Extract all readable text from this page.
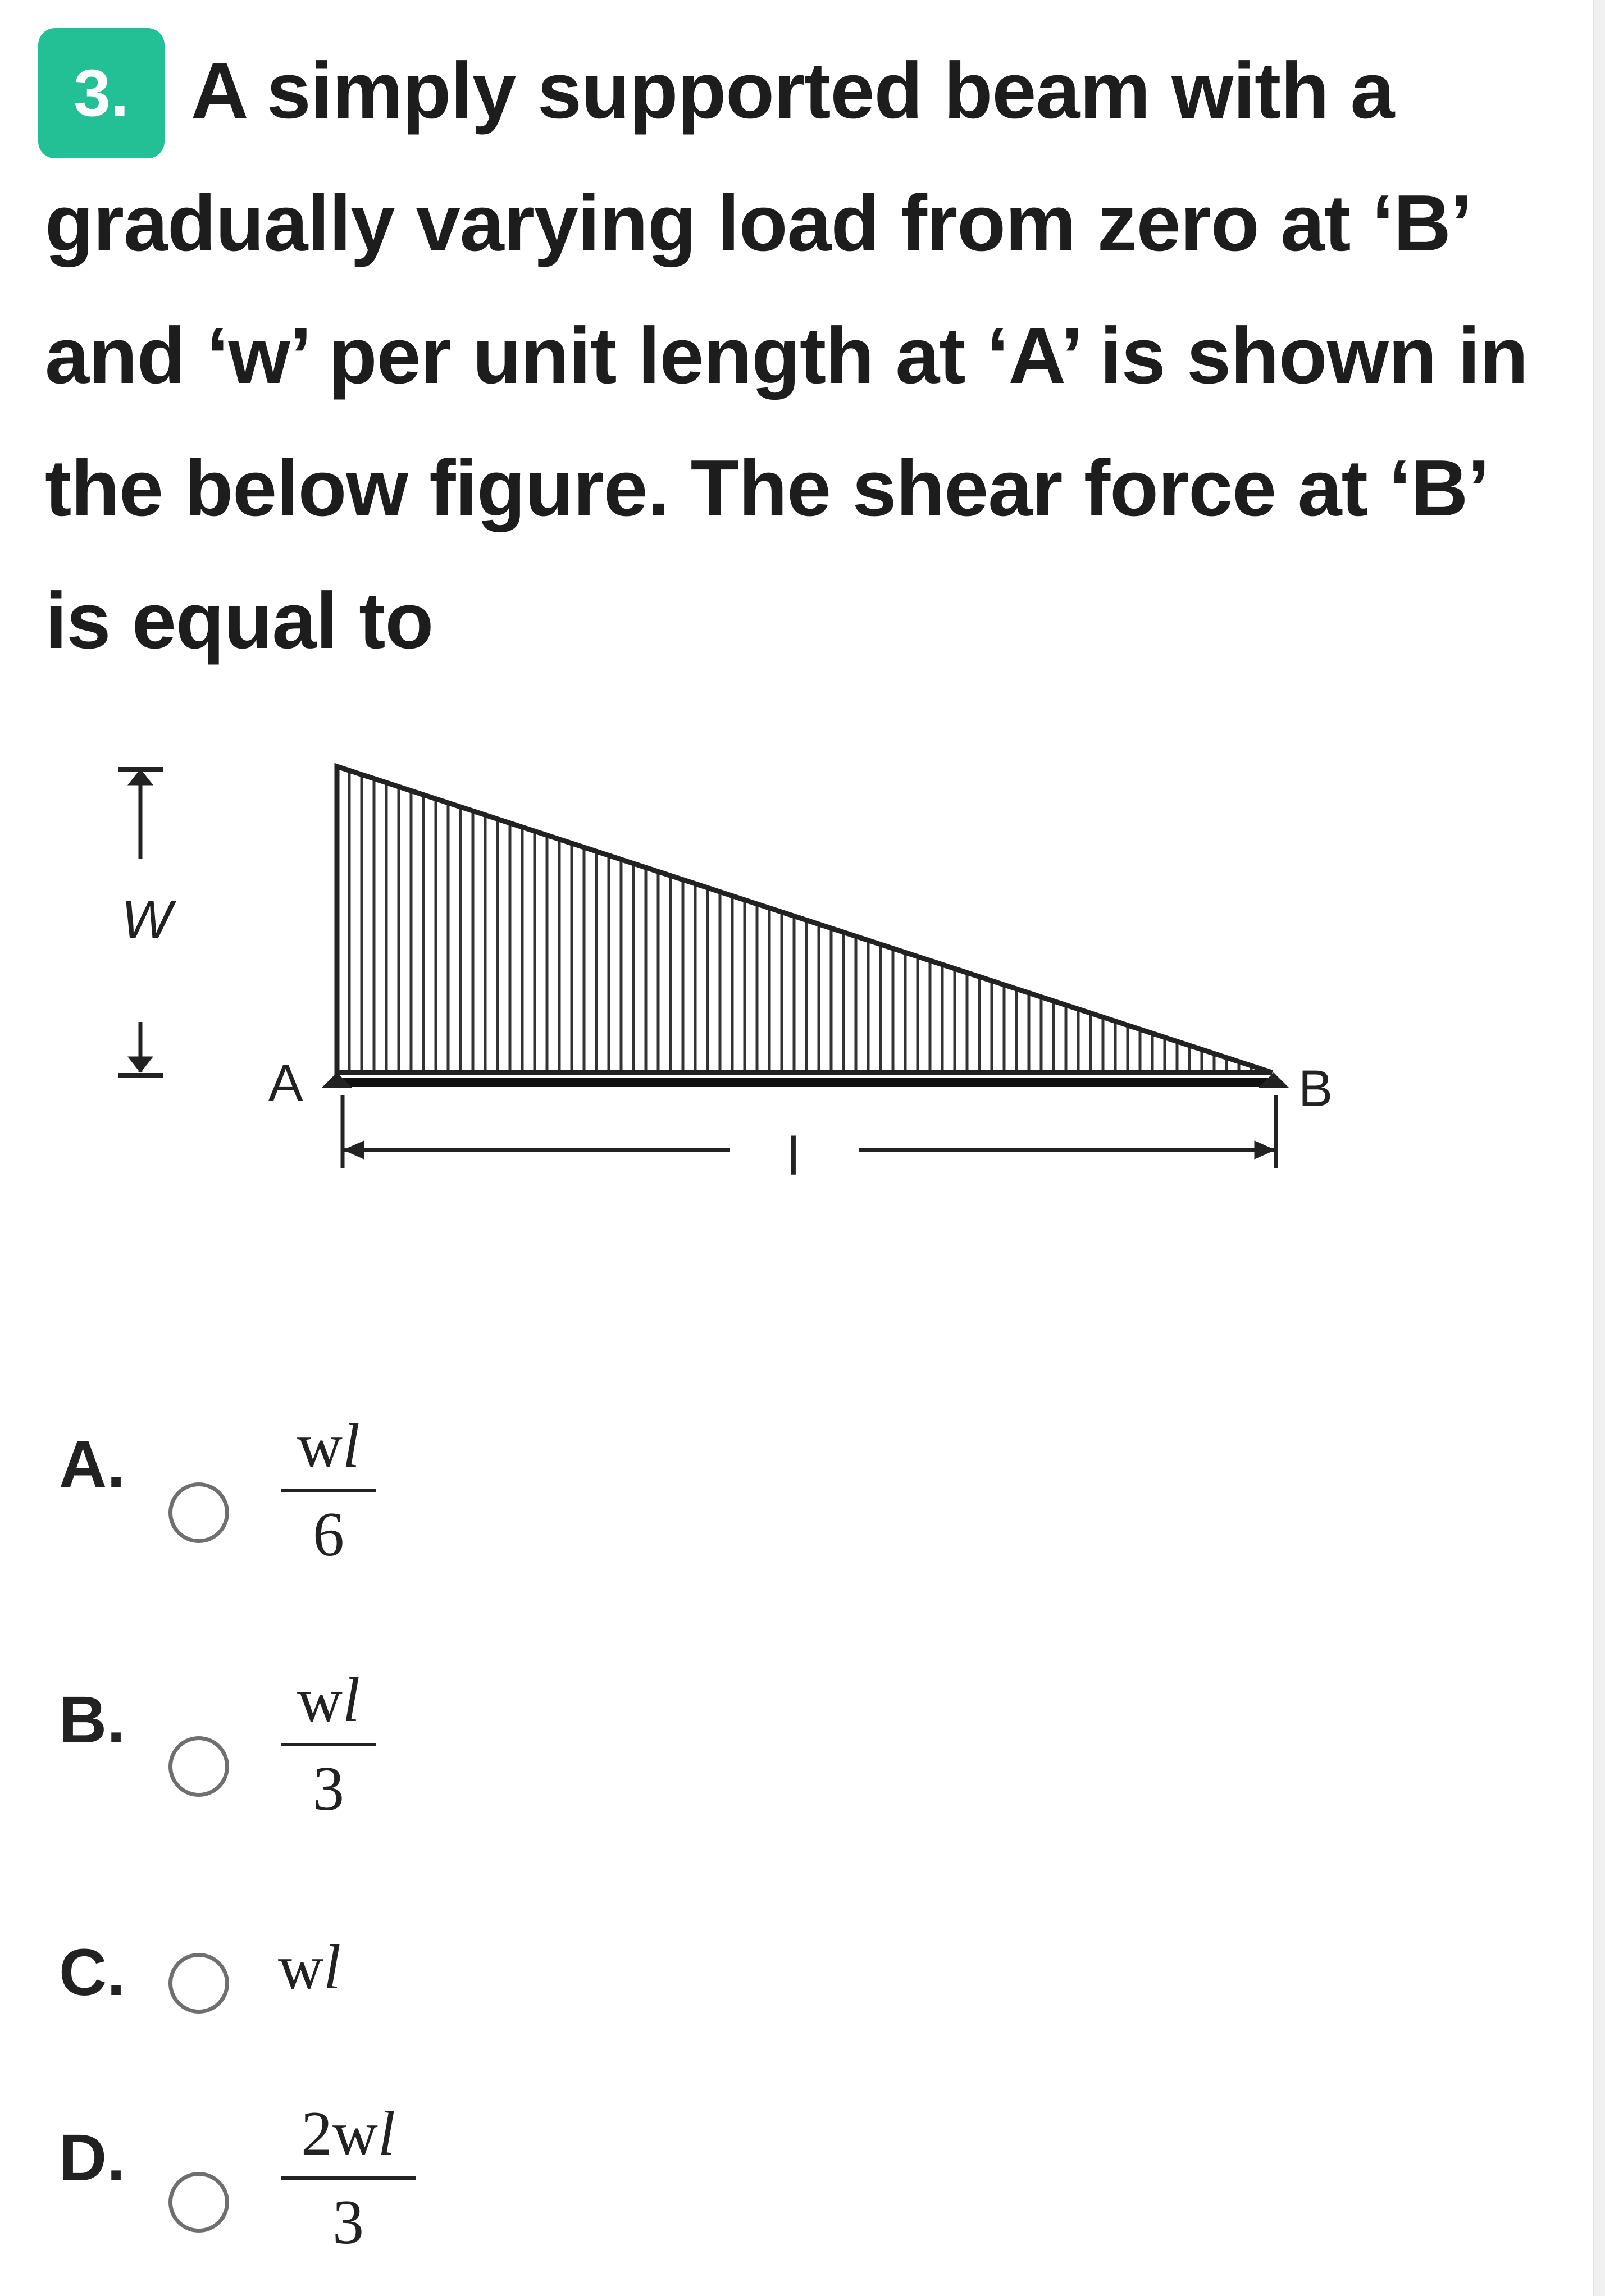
3. A simply supported beam with a
gradually varying load from zero at ‘B’
and ‘w’ per unit length at ‘A’ is shown in
the below figure. The shear force at ‘B’
is equal to
W
A	B
l
A.	wl
6
B.	wl
3
C. wl
D.	2wl
3
